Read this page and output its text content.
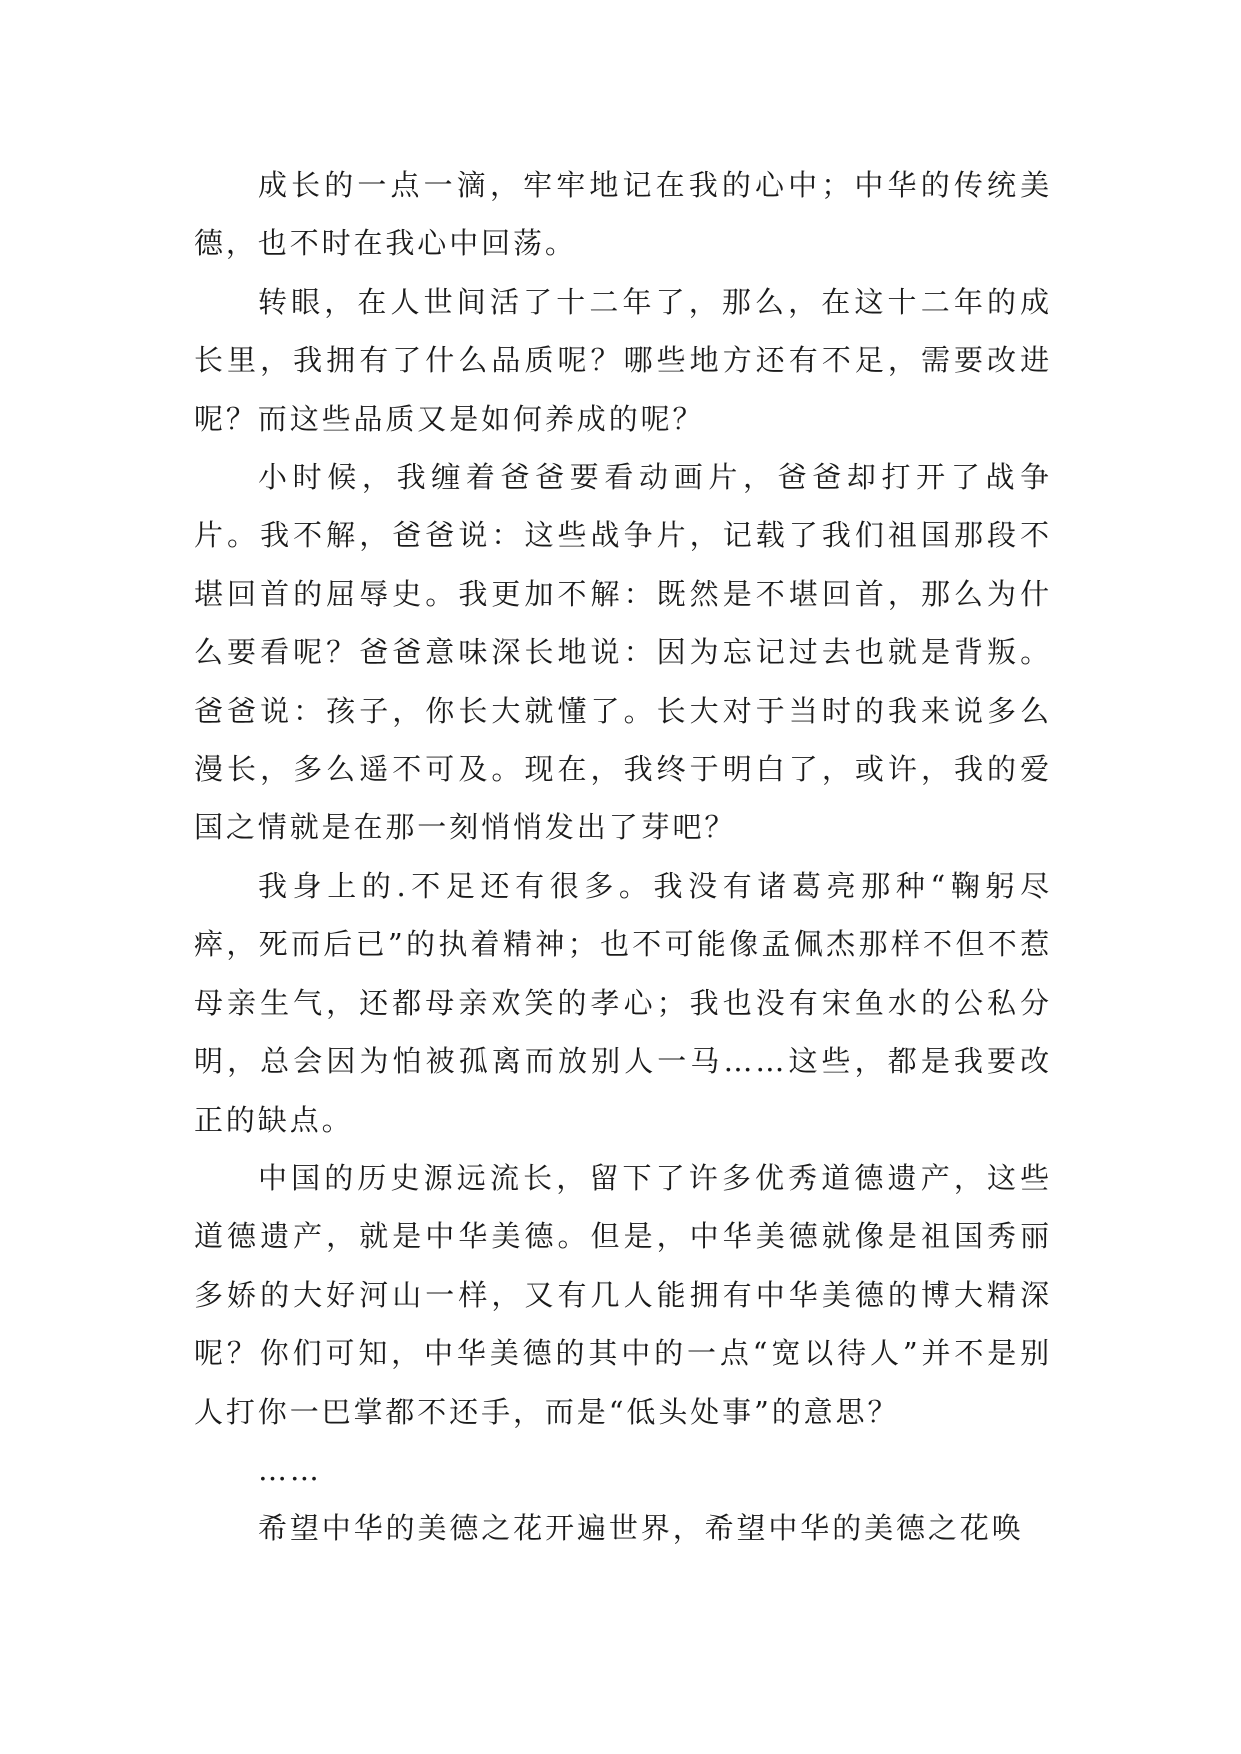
成长的一点一滴，牢牢地记在我的心中；中华的传统美德，也不时在我心中回荡。

转眼，在人世间活了十二年了，那么，在这十二年的成长里，我拥有了什么品质呢？哪些地方还有不足，需要改进呢？而这些品质又是如何养成的呢？

小时候，我缠着爸爸要看动画片，爸爸却打开了战争片。我不解，爸爸说：这些战争片，记载了我们祖国那段不堪回首的屈辱史。我更加不解：既然是不堪回首，那么为什么要看呢？爸爸意味深长地说：因为忘记过去也就是背叛。爸爸说：孩子，你长大就懂了。长大对于当时的我来说多么漫长，多么遥不可及。现在，我终于明白了，或许，我的爱国之情就是在那一刻悄悄发出了芽吧？

我身上的.不足还有很多。我没有诸葛亮那种“鞠躬尽瘁，死而后已”的执着精神；也不可能像孟佩杰那样不但不惹母亲生气，还都母亲欢笑的孝心；我也没有宋鱼水的公私分明，总会因为怕被孤离而放别人一马……这些，都是我要改正的缺点。

中国的历史源远流长，留下了许多优秀道德遗产，这些道德遗产，就是中华美德。但是，中华美德就像是祖国秀丽多娇的大好河山一样，又有几人能拥有中华美德的博大精深呢？你们可知，中华美德的其中的一点“宽以待人”并不是别人打你一巴掌都不还手，而是“低头处事”的意思？

……

希望中华的美德之花开遍世界，希望中华的美德之花唤
